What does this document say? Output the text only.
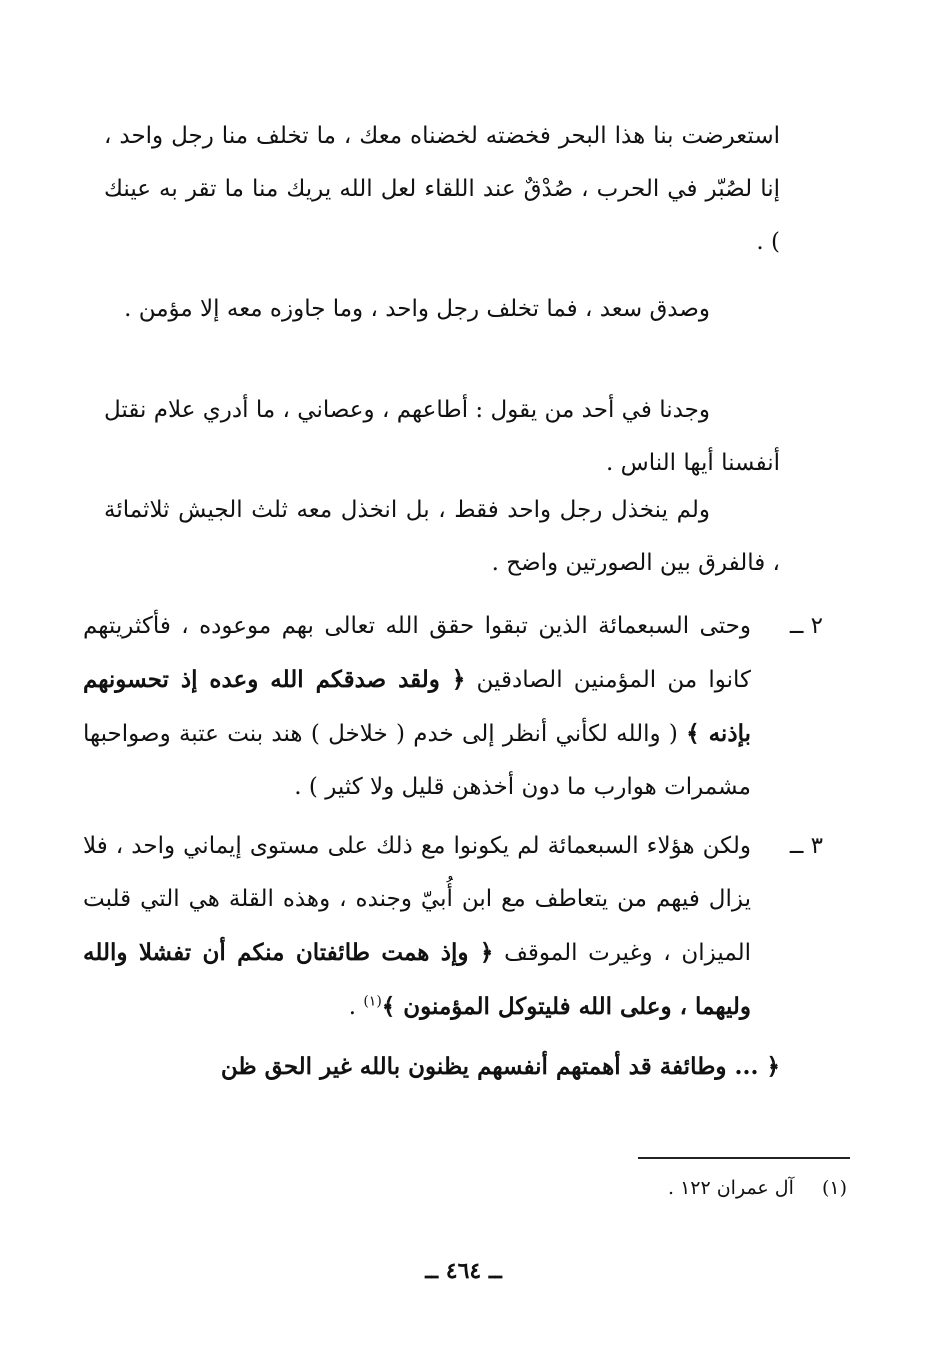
استعرضت بنا هذا البحر فخضته لخضناه معك ، ما تخلف منا رجل واحد ، إنا لصُبّر في الحرب ، صُدْقٌ عند اللقاء لعل الله يريك منا ما تقر به عينك ) .
وصدق سعد ، فما تخلف رجل واحد ، وما جاوزه معه إلا مؤمن .
وجدنا في أحد من يقول : أطاعهم ، وعصاني ، ما أدري علام نقتل أنفسنا أيها الناس .
ولم ينخذل رجل واحد فقط ، بل انخذل معه ثلث الجيش ثلاثمائة ، فالفرق بين الصورتين واضح .
٢ ــ
وحتى السبعمائة الذين تبقوا حقق الله تعالى بهم موعوده ، فأكثريتهم كانوا من المؤمنين الصادقين ﴿ ولقد صدقكم الله وعده إذ تحسونهم بإذنه ﴾ ( والله لكأني أنظر إلى خدم ( خلاخل ) هند بنت عتبة وصواحبها مشمرات هوارب ما دون أخذهن قليل ولا كثير ) .
٣ ــ
ولكن هؤلاء السبعمائة لم يكونوا مع ذلك على مستوى إيماني واحد ، فلا يزال فيهم من يتعاطف مع ابن أُبيّ وجنده ، وهذه القلة هي التي قلبت الميزان ، وغيرت الموقف ﴿ وإذ همت طائفتان منكم أن تفشلا والله وليهما ، وعلى الله فليتوكل المؤمنون ﴾$^{(١)}$ .
﴿ ... وطائفة قد أهمتهم أنفسهم يظنون بالله غير الحق ظن
(١) آل عمران ١٢٢ .
ــ ٤٦٤ ــ
